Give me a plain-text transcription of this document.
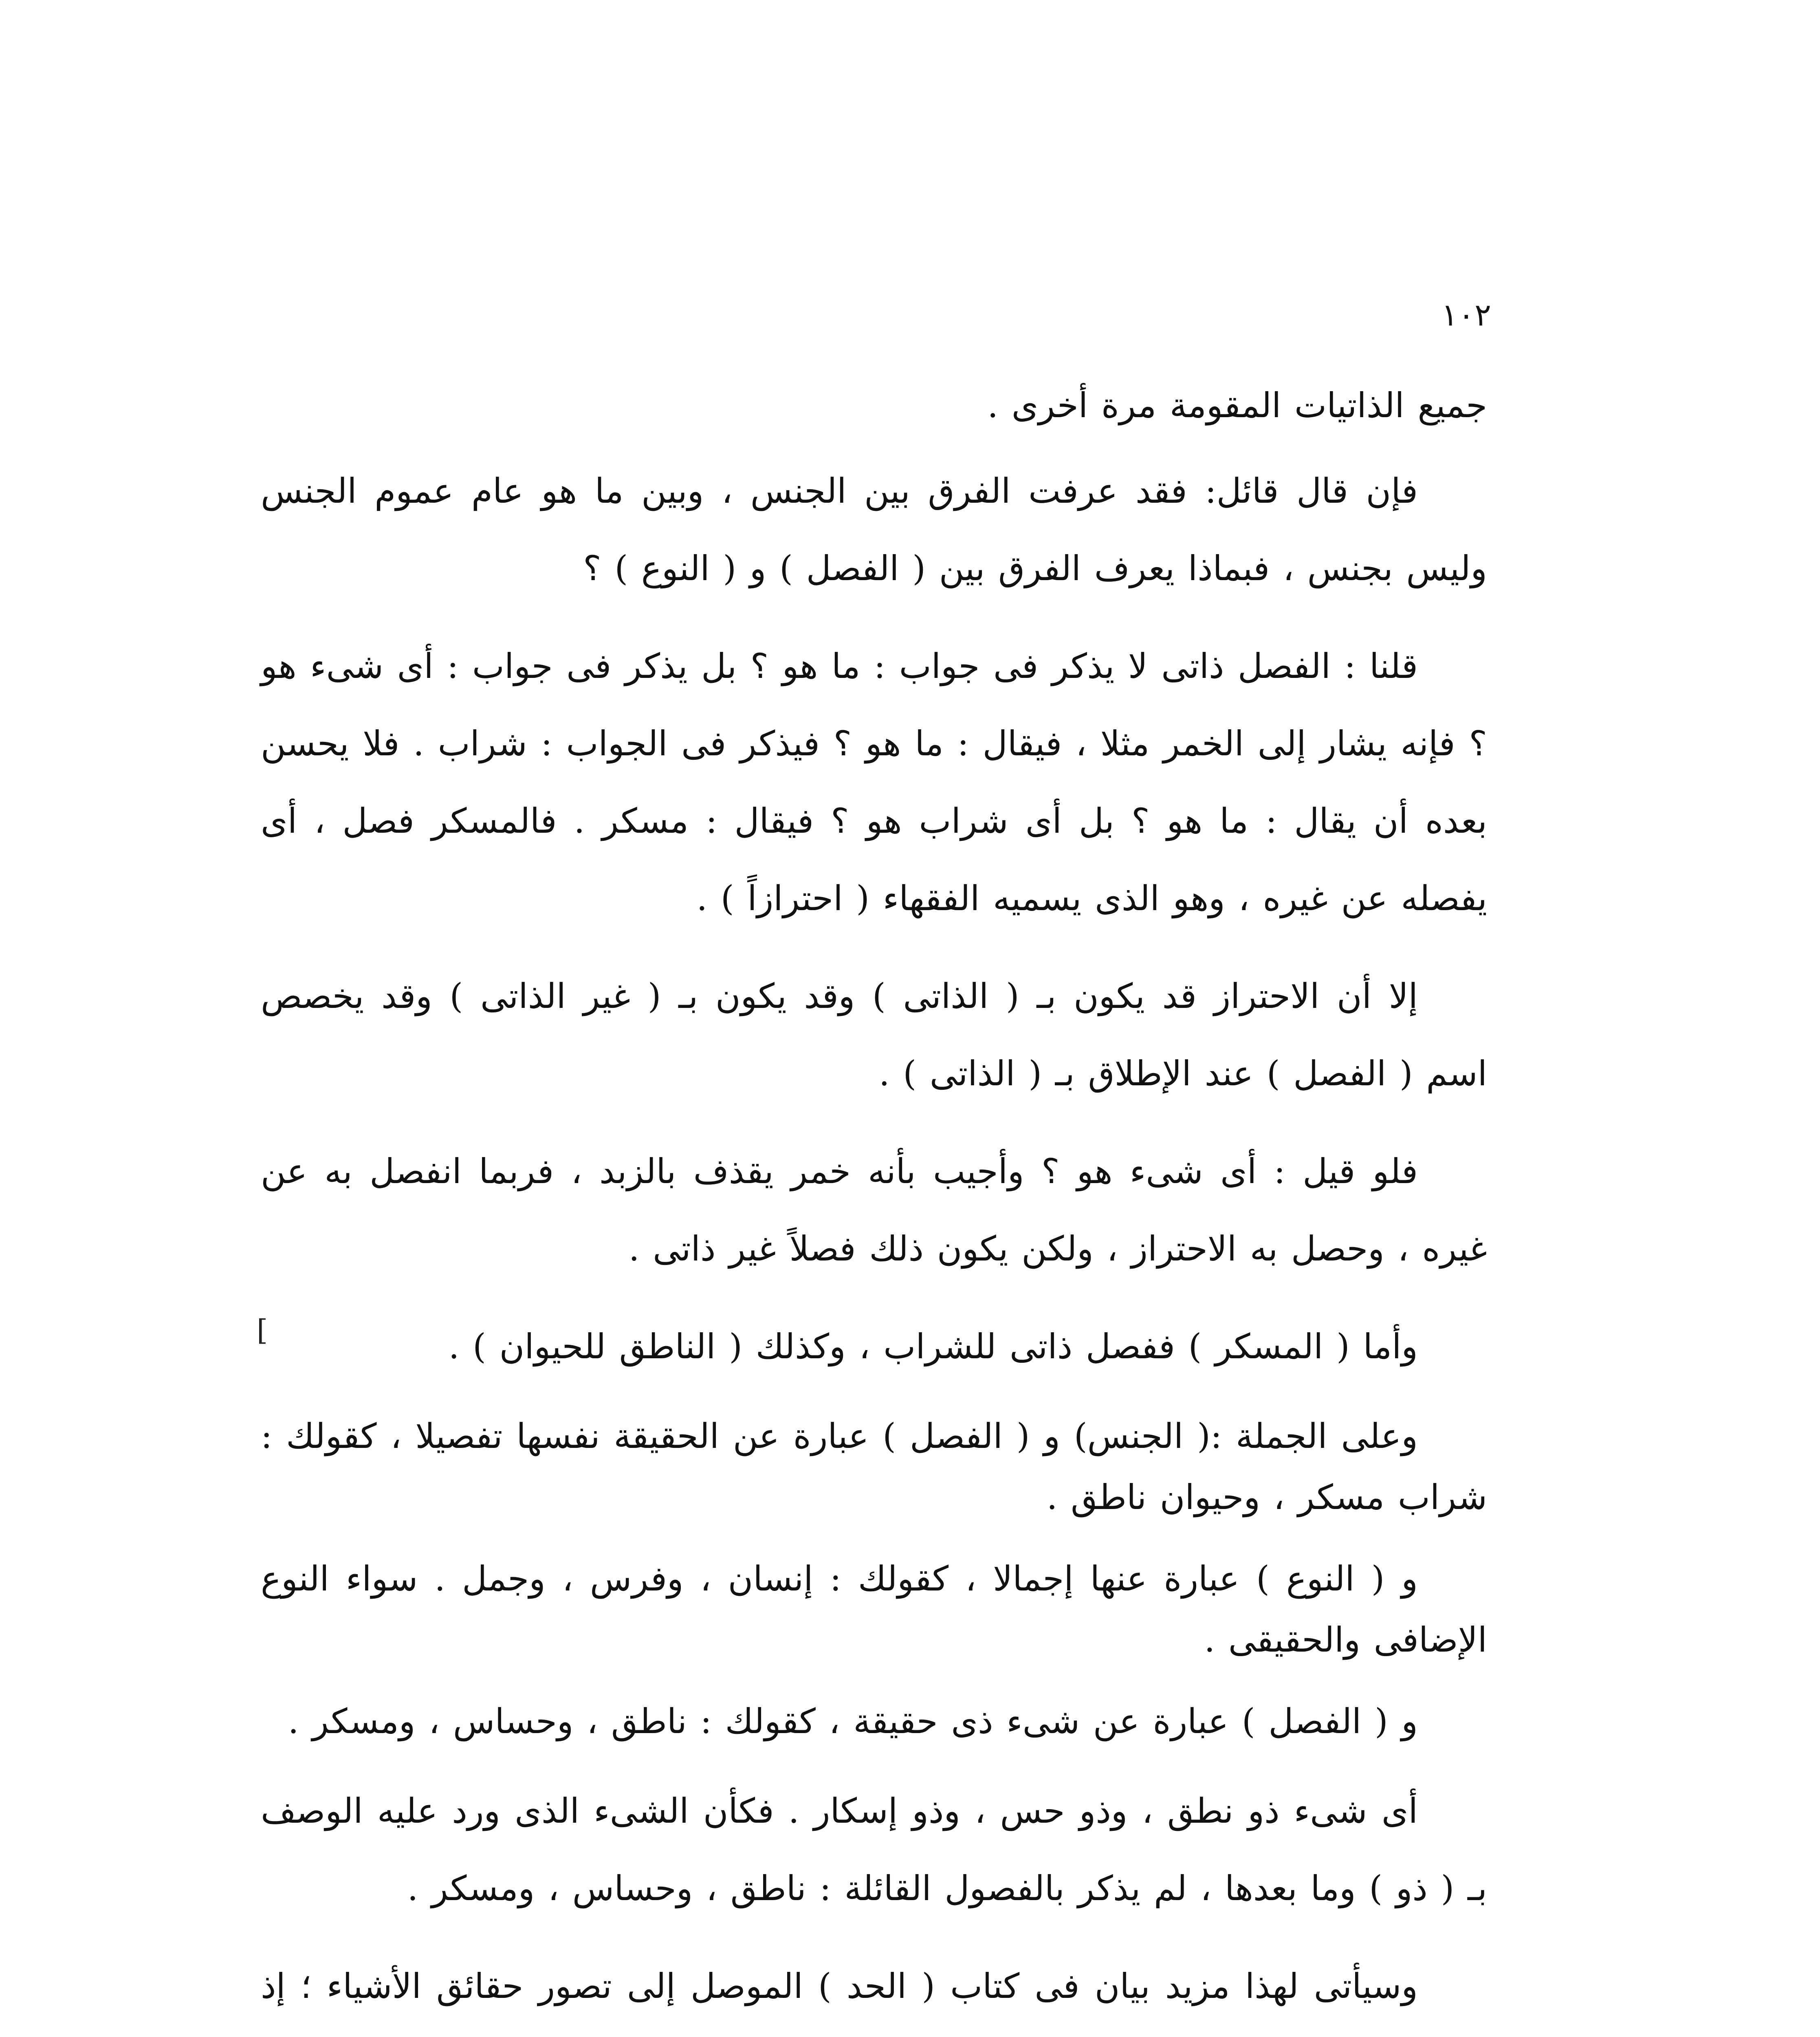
١٠٢
[

جميع الذاتيات المقومة مرة أخرى .

فإن قال قائل: فقد عرفت الفرق بين الجنس ، وبين ما هو عام عموم الجنس وليس بجنس ، فبماذا يعرف الفرق بين ( الفصل ) و ( النوع ) ؟

قلنا : الفصل ذاتى لا يذكر فى جواب : ما هو ؟ بل يذكر فى جواب : أى شىء هو ؟ فإنه يشار إلى الخمر مثلا ، فيقال : ما هو ؟ فيذكر فى الجواب : شراب . فلا يحسن بعده أن يقال : ما هو ؟ بل أى شراب هو ؟ فيقال : مسكر . فالمسكر فصل ، أى يفصله عن غيره ، وهو الذى يسميه الفقهاء ( احترازاً ) .

إلا أن الاحتراز قد يكون بـ ( الذاتى ) وقد يكون بـ ( غير الذاتى ) وقد يخصص اسم ( الفصل ) عند الإطلاق بـ ( الذاتى ) .

فلو قيل : أى شىء هو ؟ وأجيب بأنه خمر يقذف بالزبد ، فربما انفصل به عن غيره ، وحصل به الاحتراز ، ولكن يكون ذلك فصلاً غير ذاتى .

وأما ( المسكر ) ففصل ذاتى للشراب ، وكذلك ( الناطق للحيوان ) .

وعلى الجملة :( الجنس) و ( الفصل ) عبارة عن الحقيقة نفسها تفصيلا ، كقولك : شراب مسكر ، وحيوان ناطق .

و ( النوع ) عبارة عنها إجمالا ، كقولك : إنسان ، وفرس ، وجمل . سواء النوع الإضافى والحقيقى .

و ( الفصل ) عبارة عن شىء ذى حقيقة ، كقولك : ناطق ، وحساس ، ومسكر .

أى شىء ذو نطق ، وذو حس ، وذو إسكار . فكأن الشىء الذى ورد عليه الوصف بـ ( ذو ) وما بعدها ، لم يذكر بالفصول القائلة : ناطق ، وحساس ، ومسكر .

وسيأتى لهذا مزيد بيان فى كتاب ( الحد ) الموصل إلى تصور حقائق الأشياء ؛ إذ
